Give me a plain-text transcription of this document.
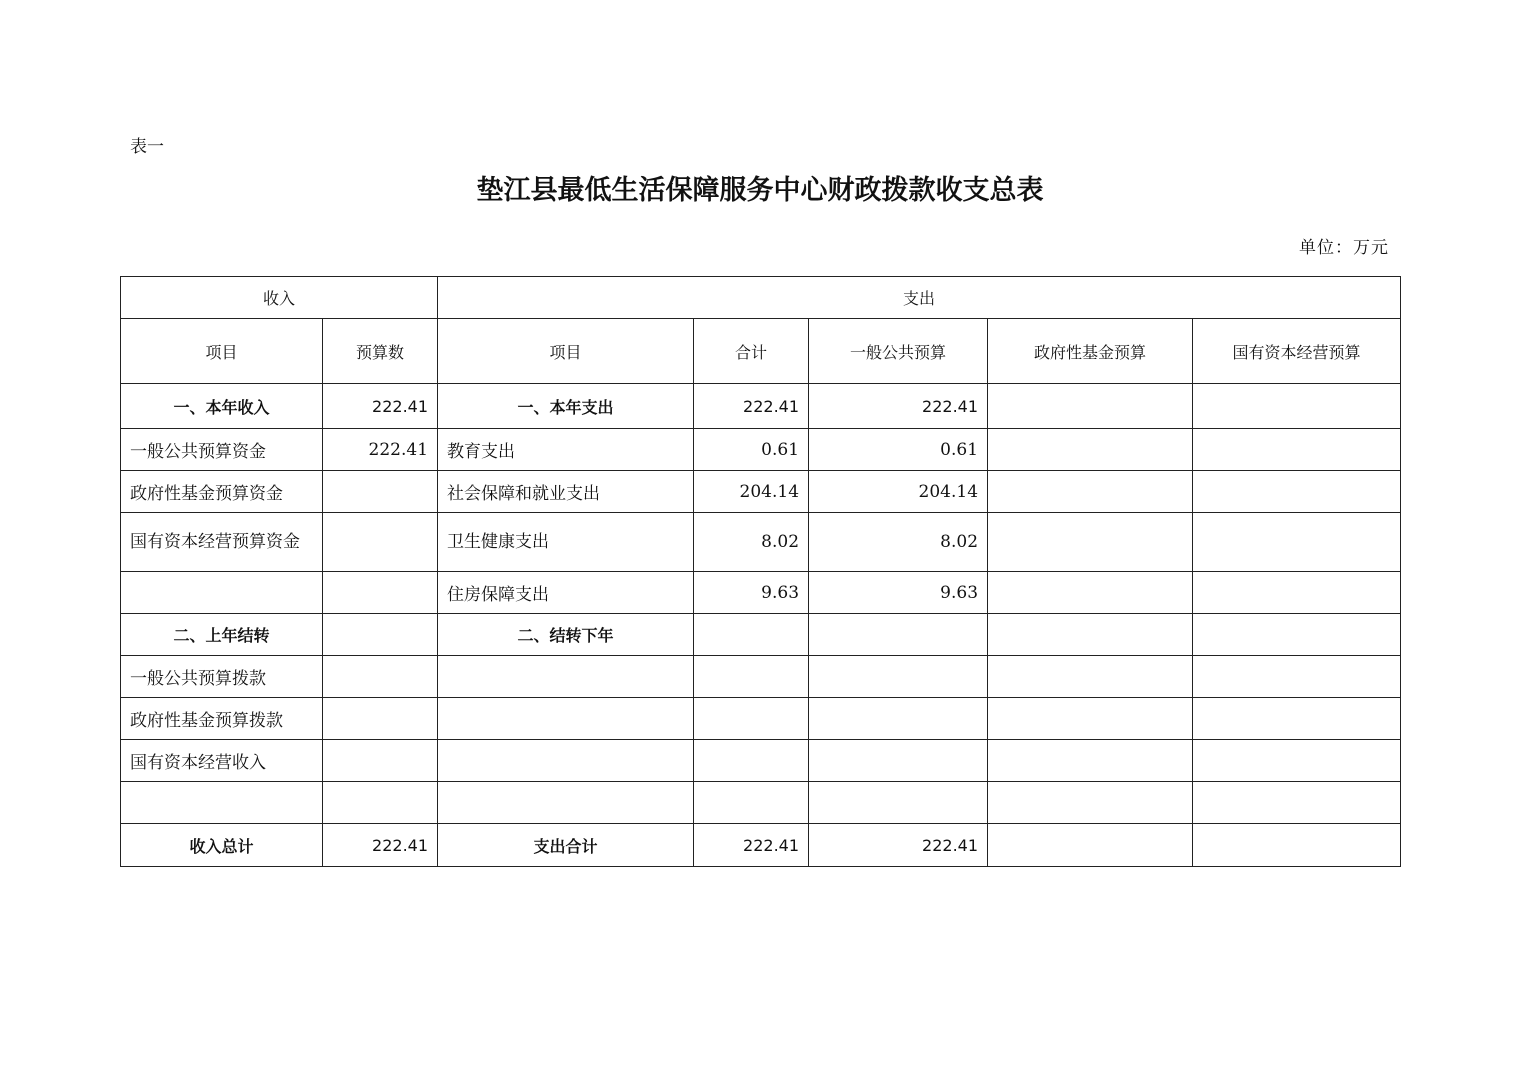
表一
垫江县最低生活保障服务中心财政拨款收支总表
单位：万元
收入		支出				
项目	预算数	项目	合计	一般公共预算	政府性基金预算	国有资本经营预算
一、本年收入	222.41	一、本年支出	222.41	222.41		
一般公共预算资金	222.41	教育支出	0.61	0.61		
政府性基金预算资金		社会保障和就业支出	204.14	204.14		
国有资本经营预算资金		卫生健康支出	8.02	8.02		
		住房保障支出	9.63	9.63		
二、上年结转		二、结转下年				
一般公共预算拨款						
政府性基金预算拨款						
国有资本经营收入						

收入总计	222.41	支出合计	222.41	222.41		
